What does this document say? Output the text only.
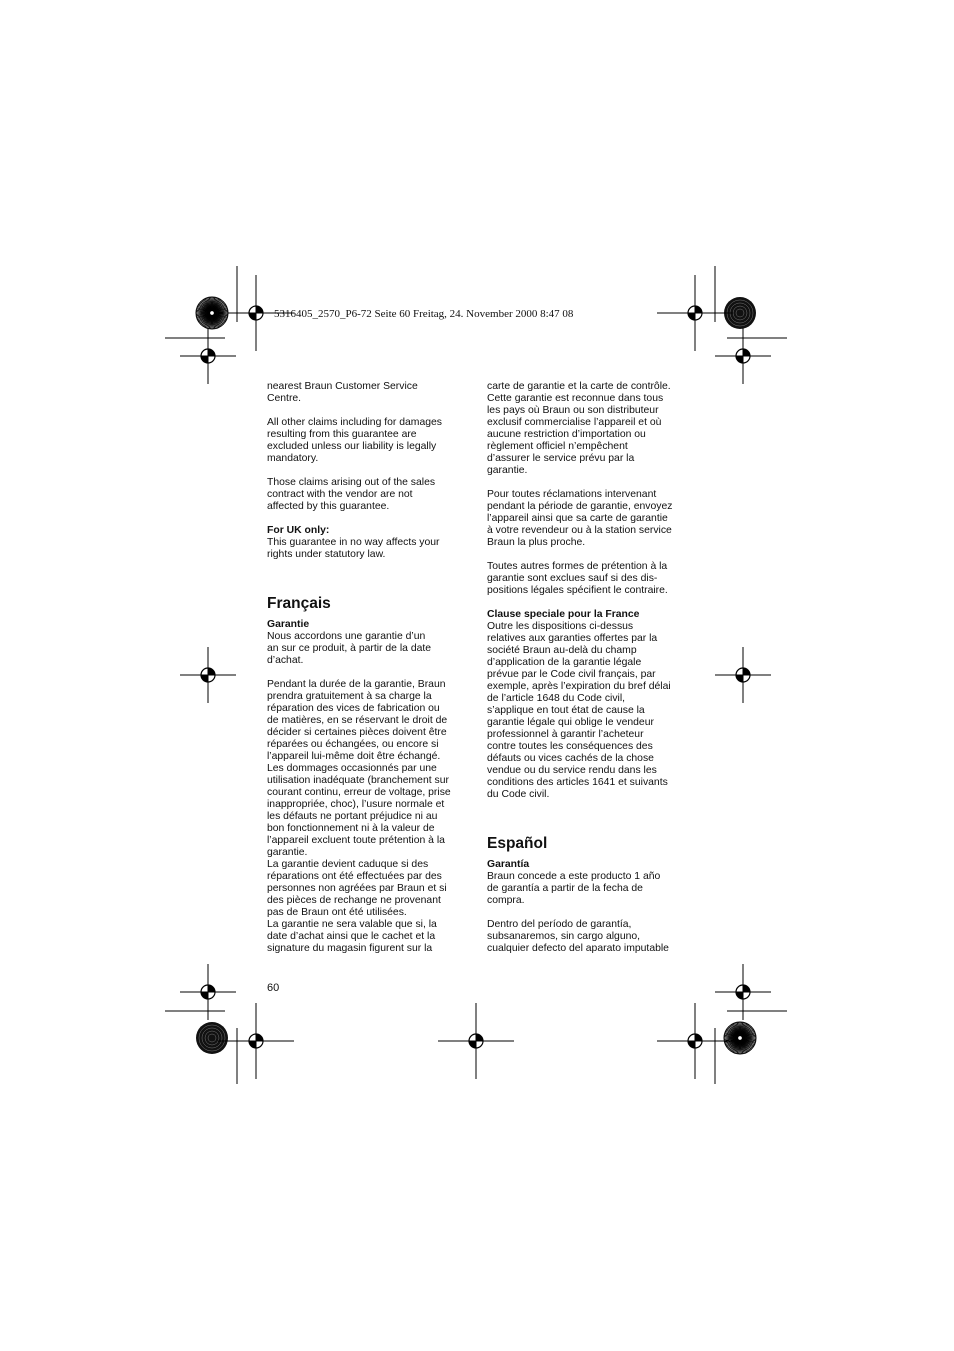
5316405_2570_P6-72 Seite 60 Freitag, 24. November 2000 8:47 08

nearest Braun Customer Service
Centre.

All other claims including for damages
resulting from this guarantee are
excluded unless our liability is legally
mandatory.

Those claims arising out of the sales
contract with the vendor are not
affected by this guarantee.

For UK only:

This guarantee in no way affects your
rights under statutory law.

Français
Garantie

Nous accordons une garantie d’un
an sur ce produit, à partir de la date
d’achat.

Pendant la durée de la garantie, Braun
prendra gratuitement à sa charge la
réparation des vices de fabrication ou
de matières, en se réservant le droit de
décider si certaines pièces doivent être
réparées ou échangées, ou encore si
l’appareil lui-même doit être échangé.
Les dommages occasionnés par une
utilisation inadéquate (branchement sur
courant continu, erreur de voltage, prise
inappropriée, choc), l’usure normale et
les défauts ne portant préjudice ni au
bon fonctionnement ni à la valeur de
l’appareil excluent toute prétention à la
garantie.
La garantie devient caduque si des
réparations ont été effectuées par des
personnes non agréées par Braun et si
des pièces de rechange ne provenant
pas de Braun ont été utilisées.
La garantie ne sera valable que si, la
date d’achat ainsi que le cachet et la
signature du magasin figurent sur la

carte de garantie et la carte de contrôle.
Cette garantie est reconnue dans tous
les pays où Braun ou son distributeur
exclusif commercialise l’appareil et où
aucune restriction d’importation ou
règlement officiel n’empêchent
d’assurer le service prévu par la
garantie.

Pour toutes réclamations intervenant
pendant la période de garantie, envoyez
l’appareil ainsi que sa carte de garantie
à votre revendeur ou à la station service
Braun la plus proche.

Toutes autres formes de prétention à la
garantie sont exclues sauf si des dis-
positions légales spécifient le contraire.

Clause speciale pour la France

Outre les dispositions ci-dessus
relatives aux garanties offertes par la
société Braun au-delà du champ
d’application de la garantie légale
prévue par le Code civil français, par
exemple, après l’expiration du bref délai
de l’article 1648 du Code civil,
s’applique en tout état de cause la
garantie légale qui oblige le vendeur
professionnel à garantir l’acheteur
contre toutes les conséquences des
défauts ou vices cachés de la chose
vendue ou du service rendu dans les
conditions des articles 1641 et suivants
du Code civil.

Español
Garantía

Braun concede a este producto 1 año
de garantía a partir de la fecha de
compra.

Dentro del período de garantía,
subsanaremos, sin cargo alguno,
cualquier defecto del aparato imputable

60
